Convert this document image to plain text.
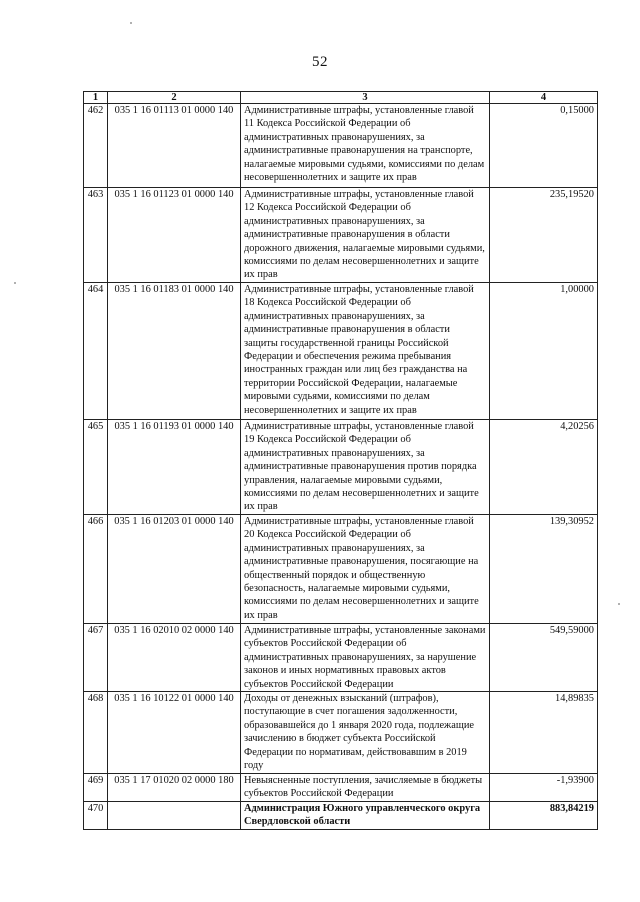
52
1	2	3	4
462	035 1 16 01113 01 0000 140	Административные штрафы, установленные главой 11 Кодекса Российской Федерации об административных правонарушениях, за административные правонарушения на транспорте, налагаемые мировыми судьями, комиссиями по делам несовершеннолетних и защите их прав	0,15000
463	035 1 16 01123 01 0000 140	Административные штрафы, установленные главой 12 Кодекса Российской Федерации об административных правонарушениях, за административные правонарушения в области дорожного движения, налагаемые мировыми судьями, комиссиями по делам несовершеннолетних и защите их прав	235,19520
464	035 1 16 01183 01 0000 140	Административные штрафы, установленные главой 18 Кодекса Российской Федерации об административных правонарушениях, за административные правонарушения в области защиты государственной границы Российской Федерации и обеспечения режима пребывания иностранных граждан или лиц без гражданства на территории Российской Федерации, налагаемые мировыми судьями, комиссиями по делам несовершеннолетних и защите их прав	1,00000
465	035 1 16 01193 01 0000 140	Административные штрафы, установленные главой 19 Кодекса Российской Федерации об административных правонарушениях, за административные правонарушения против порядка управления, налагаемые мировыми судьями, комиссиями по делам несовершеннолетних и защите их прав	4,20256
466	035 1 16 01203 01 0000 140	Административные штрафы, установленные главой 20 Кодекса Российской Федерации об административных правонарушениях, за административные правонарушения, посягающие на общественный порядок и общественную безопасность, налагаемые мировыми судьями, комиссиями по делам несовершеннолетних и защите их прав	139,30952
467	035 1 16 02010 02 0000 140	Административные штрафы, установленные законами субъектов Российской Федерации об административных правонарушениях, за нарушение законов и иных нормативных правовых актов субъектов Российской Федерации	549,59000
468	035 1 16 10122 01 0000 140	Доходы от денежных взысканий (штрафов), поступающие в счет погашения задолженности, образовавшейся до 1 января 2020 года, подлежащие зачислению в бюджет субъекта Российской Федерации по нормативам, действовавшим в 2019 году	14,89835
469	035 1 17 01020 02 0000 180	Невыясненные поступления, зачисляемые в бюджеты субъектов Российской Федерации	-1,93900
470		Администрация Южного управленческого округа Свердловской области	883,84219
